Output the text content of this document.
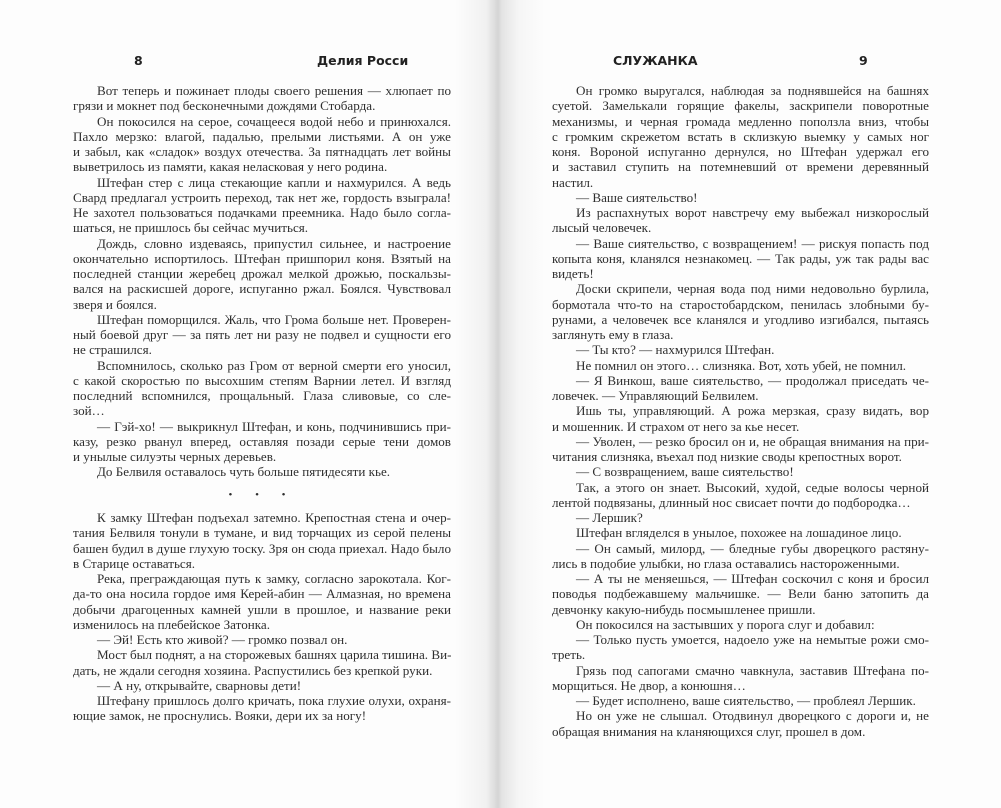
8	Делия Росси
Вот теперь и пожинает плоды своего решения — хлюпает по
грязи и мокнет под бесконечными дождями Стобарда.
Он покосился на серое, сочащееся водой небо и принюхался.
Пахло мерзко: влагой, падалью, прелыми листьями. А он уже
и забыл, как «сладок» воздух отечества. За пятнадцать лет войны
выветрилось из памяти, какая неласковая у него родина.
Штефан стер с лица стекающие капли и нахмурился. А ведь
Свард предлагал устроить переход, так нет же, гордость взыграла!
Не захотел пользоваться подачками преемника. Надо было согла-
шаться, не пришлось бы сейчас мучиться.
Дождь, словно издеваясь, припустил сильнее, и настроение
окончательно испортилось. Штефан пришпорил коня. Взятый на
последней станции жеребец дрожал мелкой дрожью, поскальзы-
вался на раскисшей дороге, испуганно ржал. Боялся. Чувствовал
зверя и боялся.
Штефан поморщился. Жаль, что Грома больше нет. Проверен-
ный боевой друг — за пять лет ни разу не подвел и сущности его
не страшился.
Вспомнилось, сколько раз Гром от верной смерти его уносил,
с какой скоростью по высохшим степям Варнии летел. И взгляд
последний вспомнился, прощальный. Глаза сливовые, со сле-
зой…
— Гэй-хо! — выкрикнул Штефан, и конь, подчинившись при-
казу, резко рванул вперед, оставляя позади серые тени домов
и унылые силуэты черных деревьев.
До Белвиля оставалось чуть больше пятидесяти кье.
• • •
К замку Штефан подъехал затемно. Крепостная стена и очер-
тания Белвиля тонули в тумане, и вид торчащих из серой пелены
башен будил в душе глухую тоску. Зря он сюда приехал. Надо было
в Старице оставаться.
Река, преграждающая путь к замку, согласно зарокотала. Ког-
да-то она носила гордое имя Керей-абин — Алмазная, но времена
добычи драгоценных камней ушли в прошлое, и название реки
изменилось на плебейское Затонка.
— Эй! Есть кто живой? — громко позвал он.
Мост был поднят, а на сторожевых башнях царила тишина. Ви-
дать, не ждали сегодня хозяина. Распустились без крепкой руки.
— А ну, открывайте, сварновы дети!
Штефану пришлось долго кричать, пока глухие олухи, охраня-
ющие замок, не проснулись. Вояки, дери их за ногу!
СЛУЖАНКА	9
Он громко выругался, наблюдая за поднявшейся на башнях
суетой. Замелькали горящие факелы, заскрипели поворотные
механизмы, и черная громада медленно поползла вниз, чтобы
с громким скрежетом встать в склизкую выемку у самых ног
коня. Вороной испуганно дернулся, но Штефан удержал его
и заставил ступить на потемневший от времени деревянный
настил.
— Ваше сиятельство!
Из распахнутых ворот навстречу ему выбежал низкорослый
лысый человечек.
— Ваше сиятельство, с возвращением! — рискуя попасть под
копыта коня, кланялся незнакомец. — Так рады, уж так рады вас
видеть!
Доски скрипели, черная вода под ними недовольно бурлила,
бормотала что-то на старостобардском, пенилась злобными бу-
рунами, а человечек все кланялся и угодливо изгибался, пытаясь
заглянуть ему в глаза.
— Ты кто? — нахмурился Штефан.
Не помнил он этого… слизняка. Вот, хоть убей, не помнил.
— Я Винкош, ваше сиятельство, — продолжал приседать че-
ловечек. — Управляющий Белвилем.
Ишь ты, управляющий. А рожа мерзкая, сразу видать, вор
и мошенник. И страхом от него за кье несет.
— Уволен, — резко бросил он и, не обращая внимания на при-
читания слизняка, въехал под низкие своды крепостных ворот.
— С возвращением, ваше сиятельство!
Так, а этого он знает. Высокий, худой, седые волосы черной
лентой подвязаны, длинный нос свисает почти до подбородка…
— Лершик?
Штефан вгляделся в унылое, похожее на лошадиное лицо.
— Он самый, милорд, — бледные губы дворецкого растяну-
лись в подобие улыбки, но глаза оставались настороженными.
— А ты не меняешься, — Штефан соскочил с коня и бросил
поводья подбежавшему мальчишке. — Вели баню затопить да
девчонку какую-нибудь посмышленее пришли.
Он покосился на застывших у порога слуг и добавил:
— Только пусть умоется, надоело уже на немытые рожи смо-
треть.
Грязь под сапогами смачно чавкнула, заставив Штефана по-
морщиться. Не двор, а конюшня…
— Будет исполнено, ваше сиятельство, — проблеял Лершик.
Но он уже не слышал. Отодвинул дворецкого с дороги и, не
обращая внимания на кланяющихся слуг, прошел в дом.
